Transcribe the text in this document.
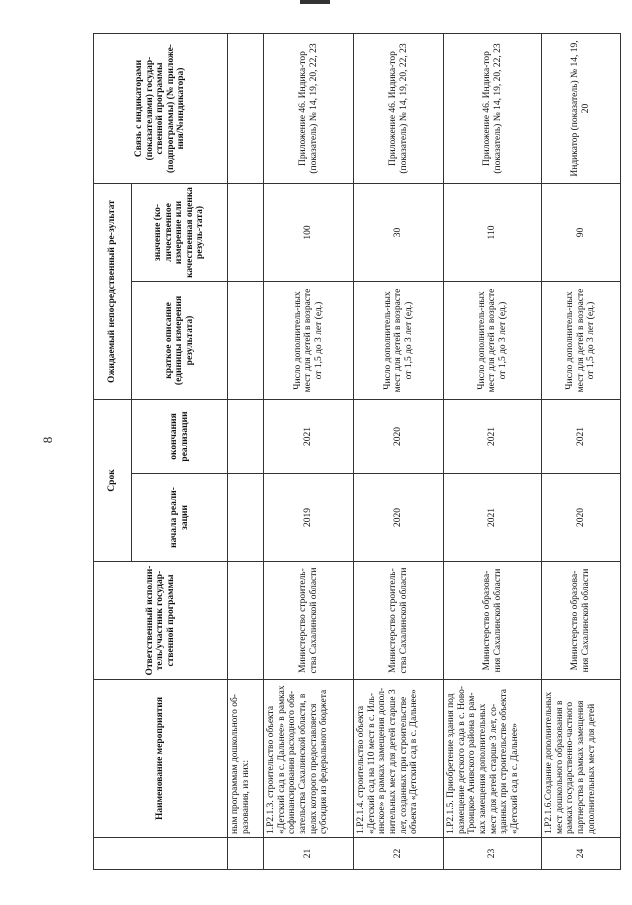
8
	Наименование мероприятия	Ответственный исполни-тель/участник государ-ственной программы	Срок		Ожидаемый непосредственный ре-зультат		Связь с индикаторами (показателями) государ-ственной программы (подпрограммы) (№ приложе-ния/№индикатора)
			начала реали-зации	окончания реализации	краткое описание (единицы измерения результата)	значение (ко-личественное измерение или качественная оценка резуль-тата)	
	ным программам дошкольного об-разования, из них:						
21	1.P2.1.3. строительство объекта «Детский сад в с. Дальнее» в рамках софинансирования расходного обя-зательства Сахалинской области, в целях которого предоставляется субсидия из федерального бюджета	Министерство строитель-ства Сахалинской области	2019	2021	Число дополнитель-ных мест для детей в возрасте от 1,5 до 3 лет (ед.)	100	Приложение 46. Индика-тор (показатель) № 14, 19, 20, 22, 23
22	1.P2.1.4. строительство объекта «Детский сад на 110 мест в с. Иль-инское» в рамках замещения допол-нительных мест для детей старше 3 лет, созданных при строительстве объекта «Детский сад в с. Дальнее»	Министерство строитель-ства Сахалинской области	2020	2020	Число дополнитель-ных мест для детей в возрасте от 1,5 до 3 лет (ед.)	30	Приложение 46. Индика-тор (показатель) № 14, 19, 20, 22, 23
23	1.P2.1.5. Приобретение здания под размещение детского сада в с. Ново-Троицкое Анивского района в рам-ках замещения дополнительных мест для детей старше 3 лет, со-зданных при строительстве объекта «Детский сад в с. Дальнее»	Министерство образова-ния Сахалинской области	2021	2021	Число дополнитель-ных мест для детей в возрасте от 1,5 до 3 лет (ед.)	110	Приложение 46. Индика-тор (показатель) № 14, 19, 20, 22, 23
24	1.P2.1.6.Создание дополнительных мест дошкольного образования в рамках государственно-частного партнерства в рамках замещения дополнительных мест для детей	Министерство образова-ния Сахалинской области	2020	2021	Число дополнитель-ных мест для детей в возрасте от 1,5 до 3 лет (ед.)	90	Индикатор (показатель) № 14, 19, 20
